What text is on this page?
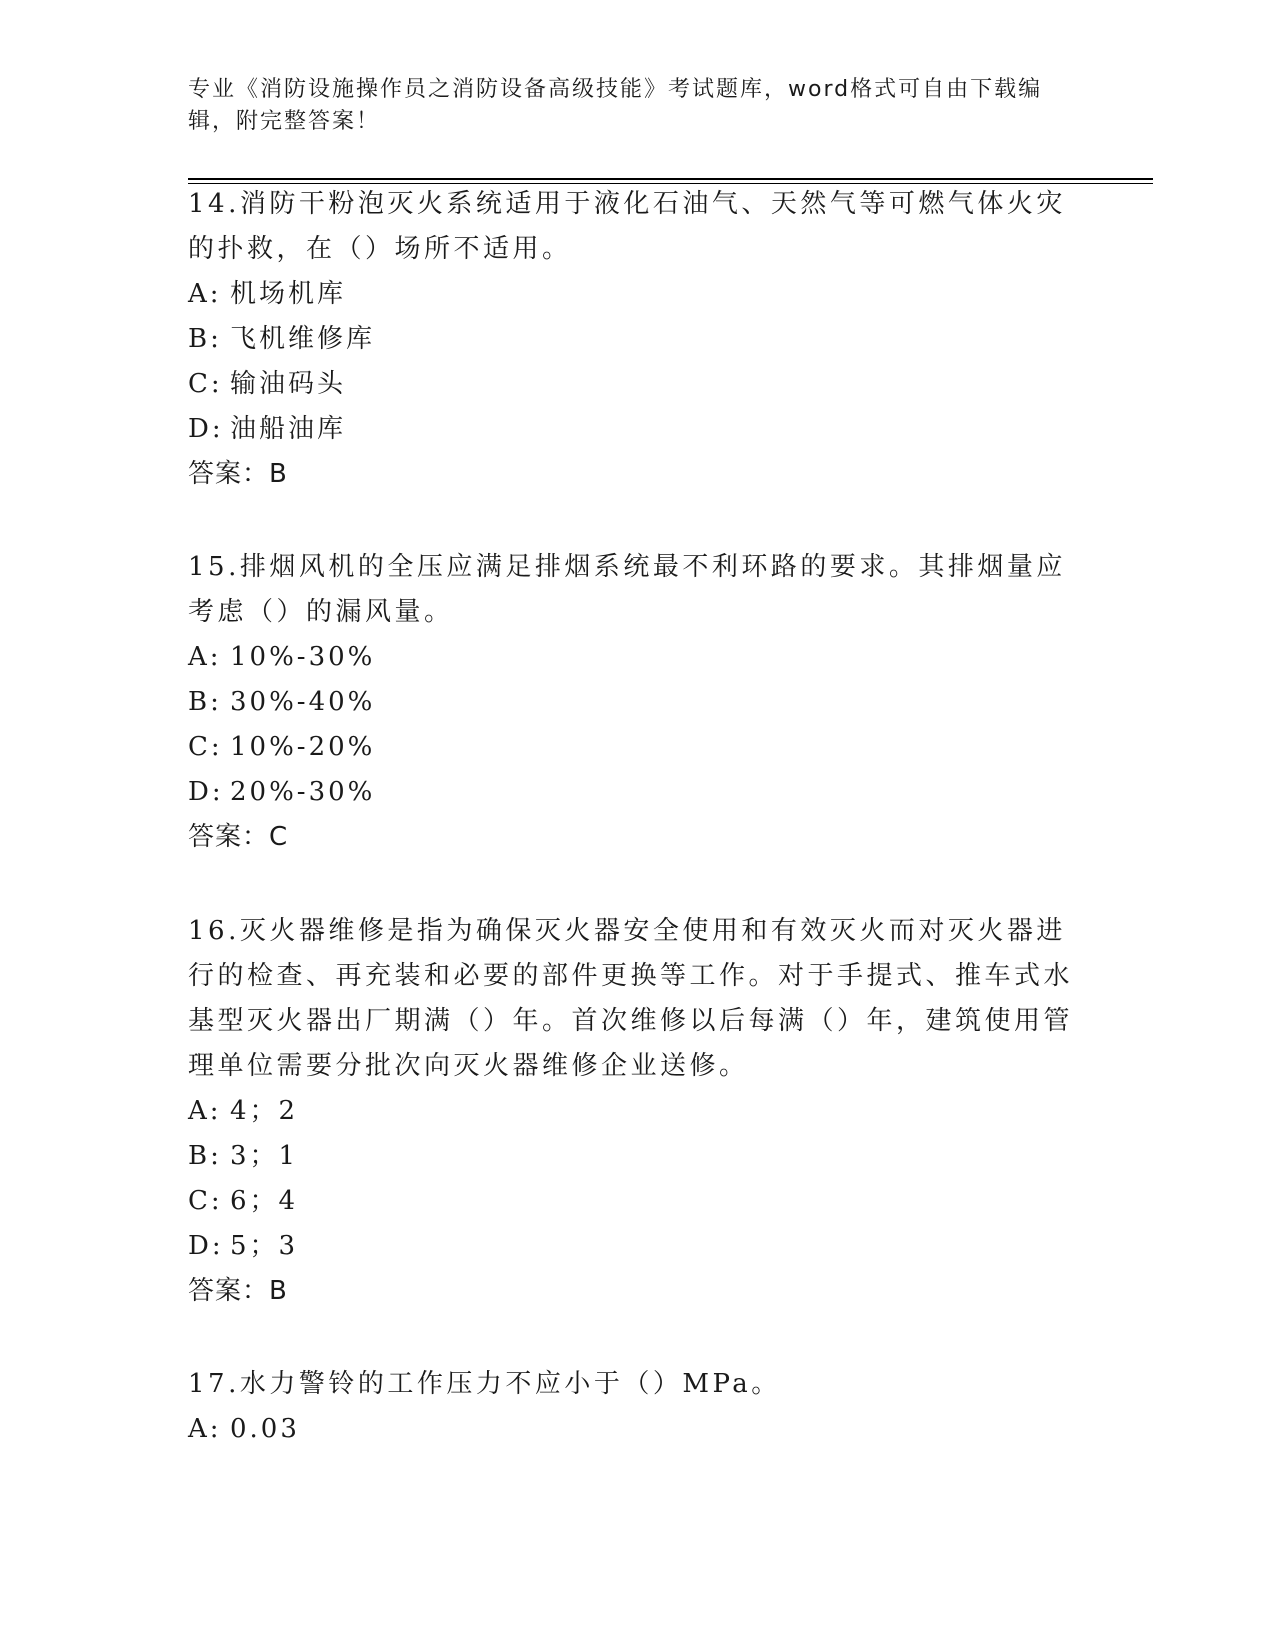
专业《消防设施操作员之消防设备高级技能》考试题库，word格式可自由下载编辑，附完整答案！

14.消防干粉泡灭火系统适用于液化石油气、天然气等可燃气体火灾的扑救，在（）场所不适用。

A: 机场机库
B: 飞机维修库
C: 输油码头
D: 油船油库
答案：B

15.排烟风机的全压应满足排烟系统最不利环路的要求。其排烟量应考虑（）的漏风量。

A: 10%-30%
B: 30%-40%
C: 10%-20%
D: 20%-30%
答案：C

16.灭火器维修是指为确保灭火器安全使用和有效灭火而对灭火器进行的检查、再充装和必要的部件更换等工作。对于手提式、推车式水基型灭火器出厂期满（）年。首次维修以后每满（）年，建筑使用管理单位需要分批次向灭火器维修企业送修。

A: 4；2
B: 3；1
C: 6；4
D: 5；3
答案：B

17.水力警铃的工作压力不应小于（）MPa。

A: 0.03
